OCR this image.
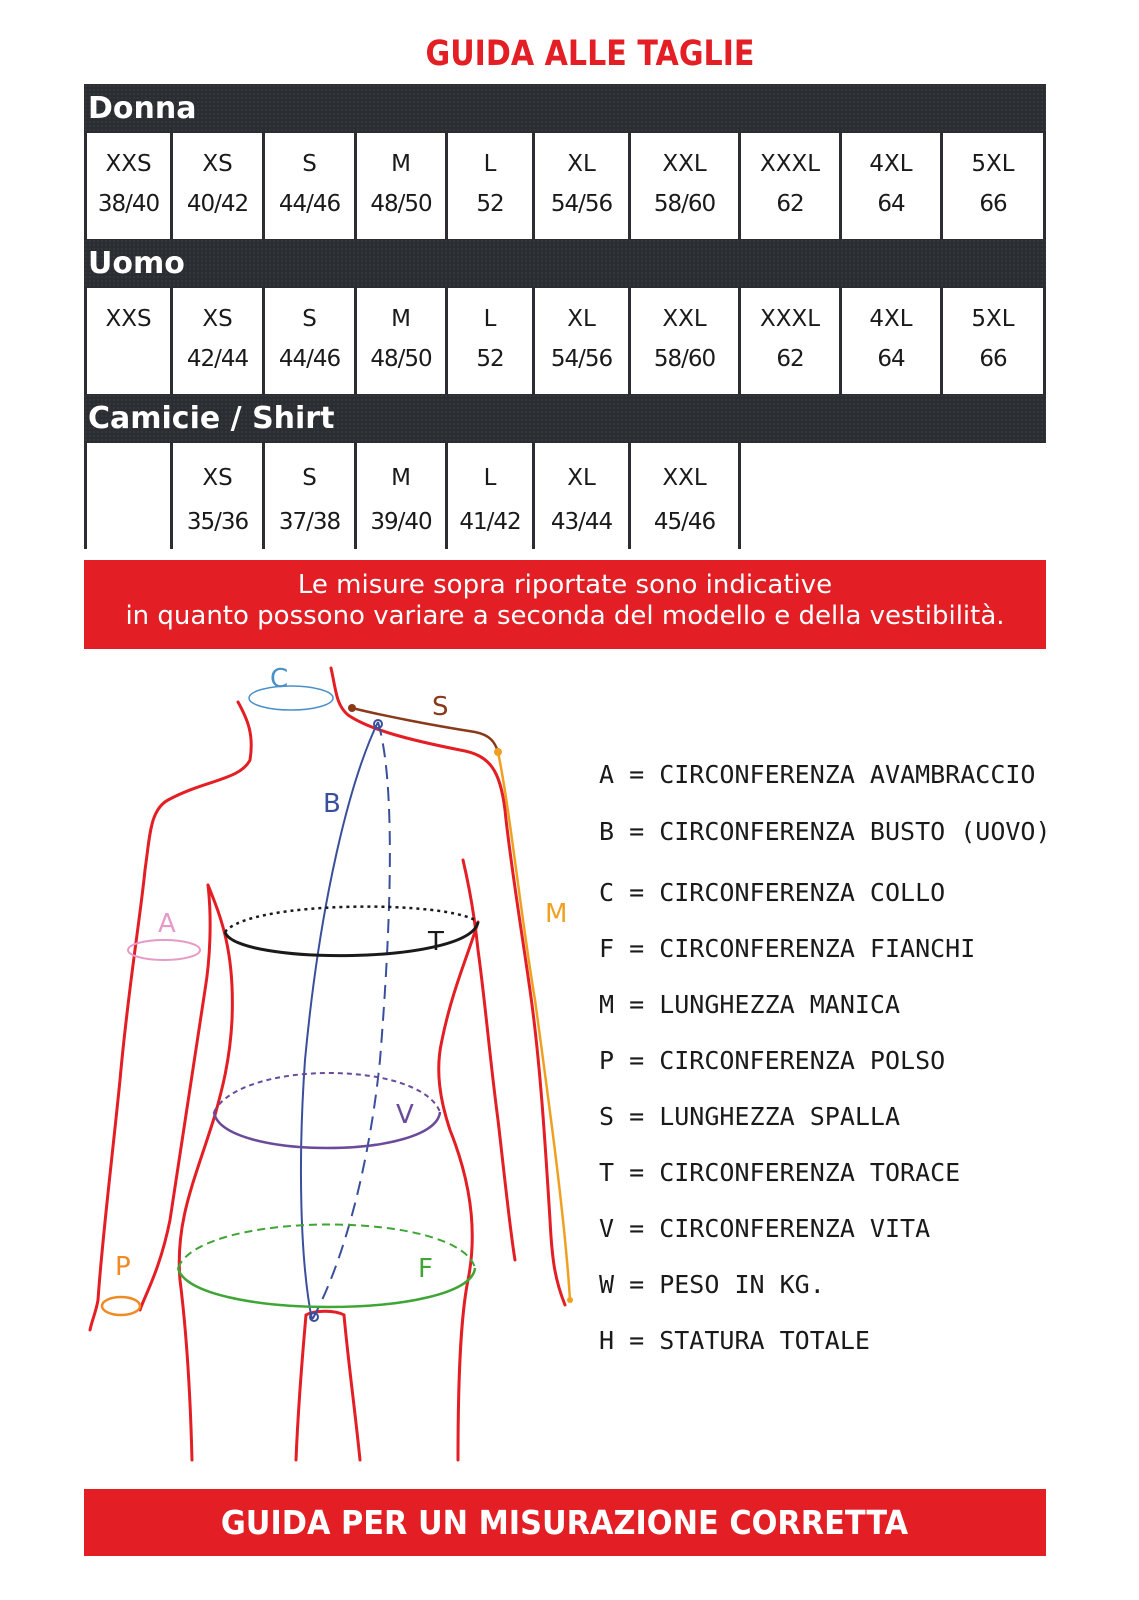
GUIDA ALLE TAGLIE
Donna
XXS
38/40
XS
40/42
S
44/46
M
48/50
L
52
XL
54/56
XXL
58/60
XXXL
62
4XL
64
5XL
66
Uomo
XXS	XS
42/44
S
44/46
M
48/50
L
52
XL
54/56
XXL
58/60
XXXL
62
4XL
64
5XL
66
Camicie / Shirt
XS
35/36
S
37/38
M
39/40
L
41/42
XL
43/44
XXL
45/46
Le misure sopra riportate sono indicative
in quanto possono variare a seconda del modello e della vestibilità.
C
S
M
B
A
T
V
F
P
A = CIRCONFERENZA AVAMBRACCIO
B = CIRCONFERENZA BUSTO (UOVO)
C = CIRCONFERENZA COLLO
F = CIRCONFERENZA FIANCHI
M = LUNGHEZZA MANICA
P = CIRCONFERENZA POLSO
S = LUNGHEZZA SPALLA
T = CIRCONFERENZA TORACE
V = CIRCONFERENZA VITA
W = PESO IN KG.
H = STATURA TOTALE
GUIDA PER UN MISURAZIONE CORRETTA
